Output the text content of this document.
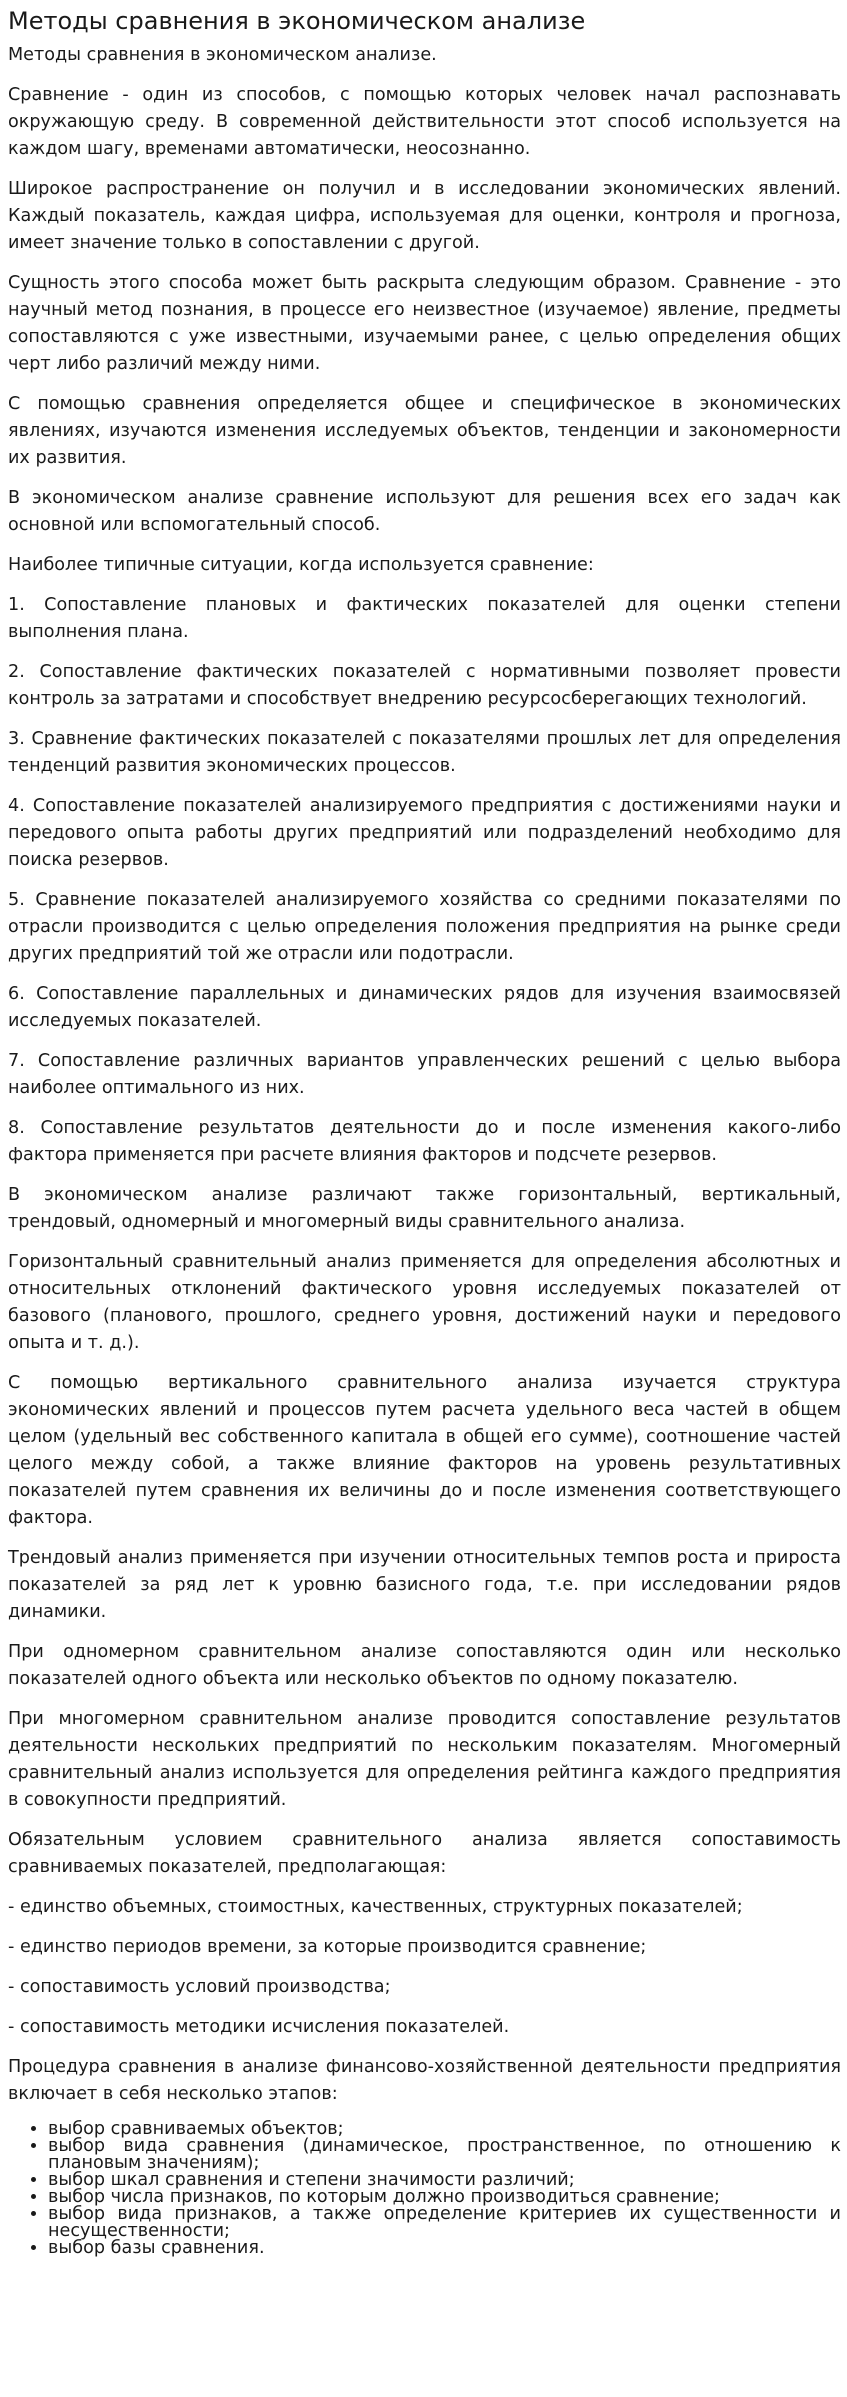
Методы сравнения в экономическом анализе

Методы сравнения в экономическом анализе.

Сравнение - один из способов, с помощью которых человек начал распознавать окружающую среду. В современной действительности этот способ используется на каждом шагу, временами автоматически, неосознанно.

Широкое распространение он получил и в исследовании экономических явлений. Каждый показатель, каждая цифра, используемая для оценки, контроля и прогноза, имеет значение только в сопоставлении с другой.

Сущность этого способа может быть раскрыта следующим образом. Сравнение - это научный метод познания, в процессе его неизвестное (изучаемое) явление, предметы сопоставляются с уже известными, изучаемыми ранее, с целью определения общих черт либо различий между ними.

С помощью сравнения определяется общее и специфическое в экономических явлениях, изучаются изменения исследуемых объектов, тенденции и закономерности их развития.

В экономическом анализе сравнение используют для решения всех его задач как основной или вспомогательный способ.

Наиболее типичные ситуации, когда используется сравнение:

1. Сопоставление плановых и фактических показателей для оценки степени выполнения плана.

2. Сопоставление фактических показателей с нормативными позволяет провести контроль за затратами и способствует внедрению ресурсосберегающих технологий.

3. Сравнение фактических показателей с показателями прошлых лет для определения тенденций развития экономических процессов.

4. Сопоставление показателей анализируемого предприятия с достижениями науки и передового опыта работы других предприятий или подразделений необходимо для поиска резервов.

5. Сравнение показателей анализируемого хозяйства со средними показателями по отрасли производится с целью определения положения предприятия на рынке среди других предприятий той же отрасли или подотрасли.

6. Сопоставление параллельных и динамических рядов для изучения взаимосвязей исследуемых показателей.

7. Сопоставление различных вариантов управленческих решений с целью выбора наиболее оптимального из них.

8. Сопоставление результатов деятельности до и после изменения какого-либо фактора применяется при расчете влияния факторов и подсчете резервов.

В экономическом анализе различают также горизонтальный, вертикальный, трендовый, одномерный и многомерный виды сравнительного анализа.

Горизонтальный сравнительный анализ применяется для определения абсолютных и относительных отклонений фактического уровня исследуемых показателей от базового (планового, прошлого, среднего уровня, достижений науки и передового опыта и т. д.).

С помощью вертикального сравнительного анализа изучается структура экономических явлений и процессов путем расчета удельного веса частей в общем целом (удельный вес собственного капитала в общей его сумме), соотношение частей целого между собой, а также влияние факторов на уровень результативных показателей путем сравнения их величины до и после изменения соответствующего фактора.

Трендовый анализ применяется при изучении относительных темпов роста и прироста показателей за ряд лет к уровню базисного года, т.е. при исследовании рядов динамики.

При одномерном сравнительном анализе сопоставляются один или несколько показателей одного объекта или несколько объектов по одному показателю.

При многомерном сравнительном анализе проводится сопоставление результатов деятельности нескольких предприятий по нескольким показателям. Многомерный сравнительный анализ используется для определения рейтинга каждого предприятия в совокупности предприятий.

Обязательным условием сравнительного анализа является сопоставимость сравниваемых показателей, предполагающая:

- единство объемных, стоимостных, качественных, структурных показателей;

- единство периодов времени, за которые производится сравнение;

- сопоставимость условий производства;

- сопоставимость методики исчисления показателей.

Процедура сравнения в анализе финансово-хозяйственной деятельности предприятия включает в себя несколько этапов:

• выбор сравниваемых объектов;
• выбор вида сравнения (динамическое, пространственное, по отношению к плановым значениям);
• выбор шкал сравнения и степени значимости различий;
• выбор числа признаков, по которым должно производиться сравнение;
• выбор вида признаков, а также определение критериев их существенности и несущественности;
• выбор базы сравнения.
